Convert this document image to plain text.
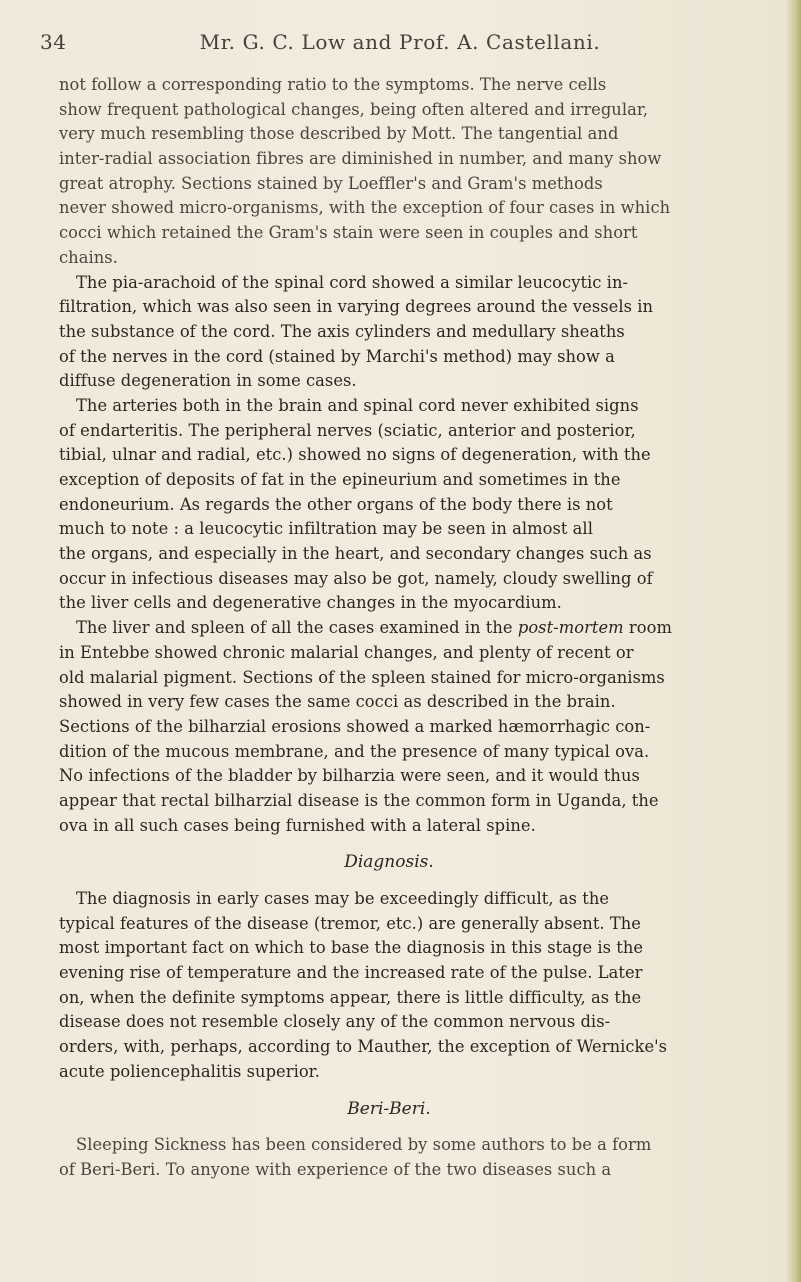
34	Mr. G. C. Low and Prof. A. Castellani.
not follow a corresponding ratio to the symptoms. The nerve cells
show frequent pathological changes, being often altered and irregular,
very much resembling those described by Mott. The tangential and
inter-radial association fibres are diminished in number, and many show
great atrophy. Sections stained by Loeffler's and Gram's methods
never showed micro-organisms, with the exception of four cases in which
cocci which retained the Gram's stain were seen in couples and short
chains.
The pia-arachoid of the spinal cord showed a similar leucocytic in-
filtration, which was also seen in varying degrees around the vessels in
the substance of the cord. The axis cylinders and medullary sheaths
of the nerves in the cord (stained by Marchi's method) may show a
diffuse degeneration in some cases.
The arteries both in the brain and spinal cord never exhibited signs
of endarteritis. The peripheral nerves (sciatic, anterior and posterior,
tibial, ulnar and radial, etc.) showed no signs of degeneration, with the
exception of deposits of fat in the epineurium and sometimes in the
endoneurium. As regards the other organs of the body there is not
much to note : a leucocytic infiltration may be seen in almost all
the organs, and especially in the heart, and secondary changes such as
occur in infectious diseases may also be got, namely, cloudy swelling of
the liver cells and degenerative changes in the myocardium.
The liver and spleen of all the cases examined in the post-mortem room
in Entebbe showed chronic malarial changes, and plenty of recent or
old malarial pigment. Sections of the spleen stained for micro-organisms
showed in very few cases the same cocci as described in the brain.
Sections of the bilharzial erosions showed a marked hæmorrhagic con-
dition of the mucous membrane, and the presence of many typical ova.
No infections of the bladder by bilharzia were seen, and it would thus
appear that rectal bilharzial disease is the common form in Uganda, the
ova in all such cases being furnished with a lateral spine.
Diagnosis.
The diagnosis in early cases may be exceedingly difficult, as the
typical features of the disease (tremor, etc.) are generally absent. The
most important fact on which to base the diagnosis in this stage is the
evening rise of temperature and the increased rate of the pulse. Later
on, when the definite symptoms appear, there is little difficulty, as the
disease does not resemble closely any of the common nervous dis-
orders, with, perhaps, according to Mauther, the exception of Wernicke's
acute poliencephalitis superior.
Beri-Beri.
Sleeping Sickness has been considered by some authors to be a form
of Beri-Beri. To anyone with experience of the two diseases such a
